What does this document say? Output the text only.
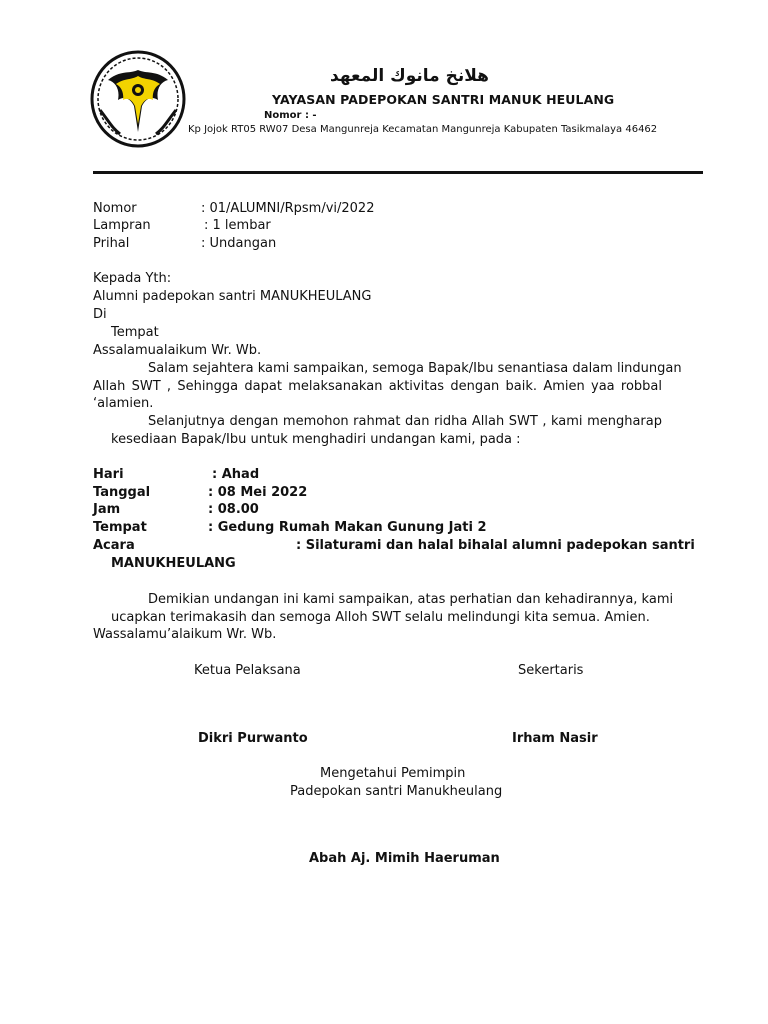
هلانخ مانوك المعهد
YAYASAN PADEPOKAN SANTRI MANUK HEULANG
Nomor : -
Kp Jojok RT05 RW07 Desa Mangunreja Kecamatan Mangunreja Kabupaten Tasikmalaya 46462
Nomor	: 01/ALUMNI/Rpsm/vi/2022
Lampran	: 1 lembar
Prihal	: Undangan
Kepada Yth:
Alumni padepokan santri MANUKHEULANG
Di
Tempat
Assalamualaikum Wr. Wb.
Salam sejahtera kami sampaikan, semoga Bapak/Ibu senantiasa dalam lindungan
Allah SWT , Sehingga dapat melaksanakan aktivitas dengan baik. Amien yaa robbal
‘alamien.
Selanjutnya dengan memohon rahmat dan ridha Allah SWT , kami mengharap
kesediaan Bapak/Ibu untuk menghadiri undangan kami, pada :
Hari	: Ahad
Tanggal	: 08 Mei 2022
Jam	: 08.00
Tempat	: Gedung Rumah Makan Gunung Jati 2
Acara	: Silaturami dan halal bihalal alumni padepokan santri
MANUKHEULANG
Demikian undangan ini kami sampaikan, atas perhatian dan kehadirannya, kami
ucapkan terimakasih dan semoga Alloh SWT selalu melindungi kita semua. Amien.
Wassalamu’alaikum Wr. Wb.
Ketua Pelaksana	Sekertaris
Dikri Purwanto	Irham Nasir
Mengetahui Pemimpin
Padepokan santri Manukheulang
Abah Aj. Mimih Haeruman
